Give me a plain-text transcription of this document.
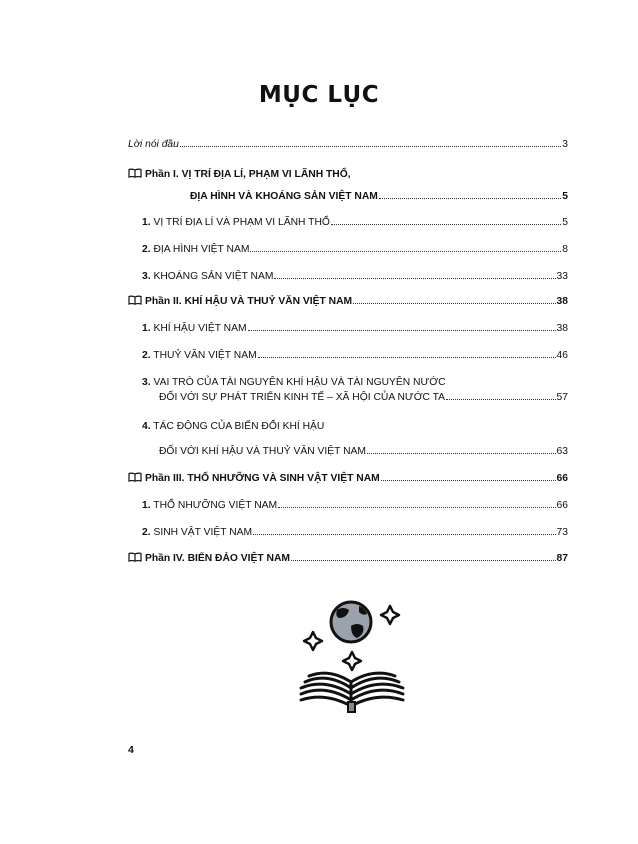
MỤC LỤC
Lời nói đầu	3
Phần I. VỊ TRÍ ĐỊA LÍ, PHẠM VI LÃNH THỔ,
ĐỊA HÌNH VÀ KHOÁNG SẢN VIỆT NAM	5
1. VỊ TRÍ ĐỊA LÍ VÀ PHẠM VI LÃNH THỔ	5
2. ĐỊA HÌNH VIỆT NAM	8
3. KHOÁNG SẢN VIỆT NAM	33
Phần II. KHÍ HẬU VÀ THUỶ VĂN VIỆT NAM	38
1. KHÍ HẬU VIỆT NAM	38
2. THUỶ VĂN VIỆT NAM	46
3. VAI TRÒ CỦA TÀI NGUYÊN KHÍ HẬU VÀ TÀI NGUYÊN NƯỚC
ĐỐI VỚI SỰ PHÁT TRIỂN KINH TẾ – XÃ HỘI CỦA NƯỚC TA	57
4. TÁC ĐỘNG CỦA BIẾN ĐỔI KHÍ HẬU
ĐỐI VỚI KHÍ HẬU VÀ THUỶ VĂN VIỆT NAM	63
Phần III. THỔ NHƯỠNG VÀ SINH VẬT VIỆT NAM	66
1. THỔ NHƯỠNG VIỆT NAM	66
2. SINH VẬT VIỆT NAM	73
Phần IV. BIỂN ĐẢO VIỆT NAM	87
4
